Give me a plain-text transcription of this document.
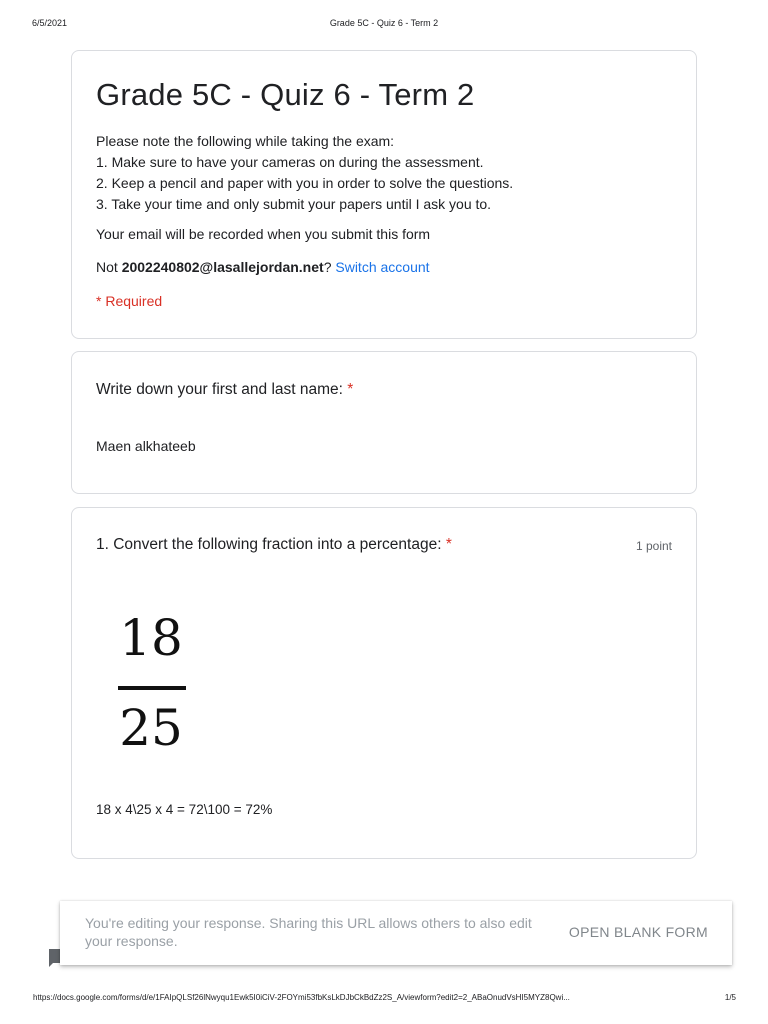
6/5/2021	Grade 5C - Quiz 6 - Term 2
Grade 5C - Quiz 6 - Term 2
Please note the following while taking the exam:
1. Make sure to have your cameras on during the assessment.
2. Keep a pencil and paper with you in order to solve the questions.
3. Take your time and only submit your papers until I ask you to.
Your email will be recorded when you submit this form
Not 2002240802@lasallejordan.net? Switch account
* Required
Write down your first and last name: *
Maen alkhateeb
1. Convert the following fraction into a percentage: *	1 point
18
25
18 x 4\25 x 4 = 72\100 = 72%
You're editing your response. Sharing this URL allows others to also edit your response.
OPEN BLANK FORM
https://docs.google.com/forms/d/e/1FAIpQLSf26lNwyqu1Ewk5I0iCiV-2FOYmi53fbKsLkDJbCkBdZz2S_A/viewform?edit2=2_ABaOnudVsHI5MYZ8Qwi...	1/5
